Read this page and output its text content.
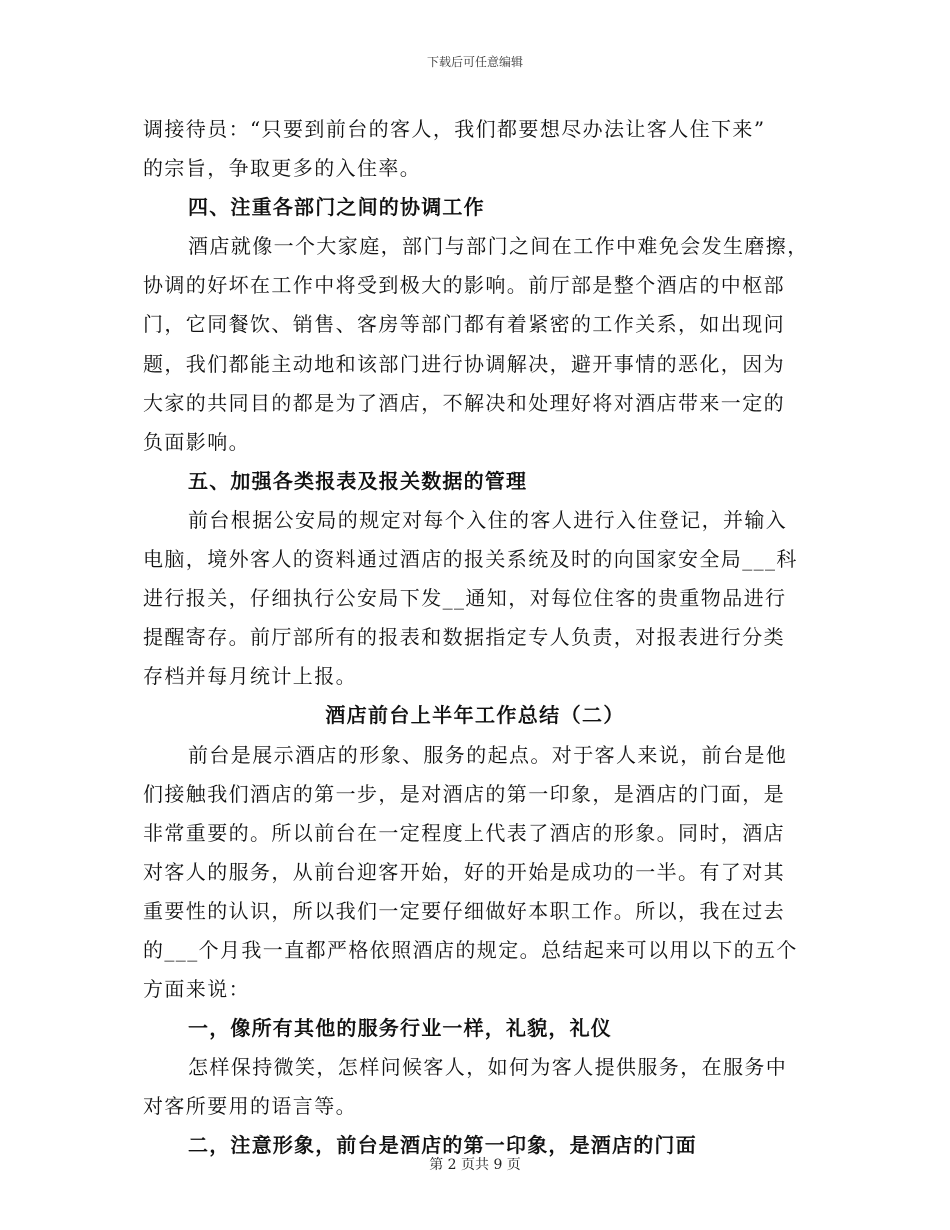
下载后可任意编辑
调接待员：“只要到前台的客人，我们都要想尽办法让客人住下来”
的宗旨，争取更多的入住率。
四、注重各部门之间的协调工作
酒店就像一个大家庭，部门与部门之间在工作中难免会发生磨擦，
协调的好坏在工作中将受到极大的影响。前厅部是整个酒店的中枢部
门，它同餐饮、销售、客房等部门都有着紧密的工作关系，如出现问
题，我们都能主动地和该部门进行协调解决，避开事情的恶化，因为
大家的共同目的都是为了酒店，不解决和处理好将对酒店带来一定的
负面影响。
五、加强各类报表及报关数据的管理
前台根据公安局的规定对每个入住的客人进行入住登记，并输入
电脑，境外客人的资料通过酒店的报关系统及时的向国家安全局___科
进行报关，仔细执行公安局下发__通知，对每位住客的贵重物品进行
提醒寄存。前厅部所有的报表和数据指定专人负责，对报表进行分类
存档并每月统计上报。
酒店前台上半年工作总结（二）
前台是展示酒店的形象、服务的起点。对于客人来说，前台是他
们接触我们酒店的第一步，是对酒店的第一印象，是酒店的门面，是
非常重要的。所以前台在一定程度上代表了酒店的形象。同时，酒店
对客人的服务，从前台迎客开始，好的开始是成功的一半。有了对其
重要性的认识，所以我们一定要仔细做好本职工作。所以，我在过去
的___个月我一直都严格依照酒店的规定。总结起来可以用以下的五个
方面来说：
一，像所有其他的服务行业一样，礼貌，礼仪
怎样保持微笑，怎样问候客人，如何为客人提供服务，在服务中
对客所要用的语言等。
二，注意形象，前台是酒店的第一印象，是酒店的门面
第 2 页共 9 页
